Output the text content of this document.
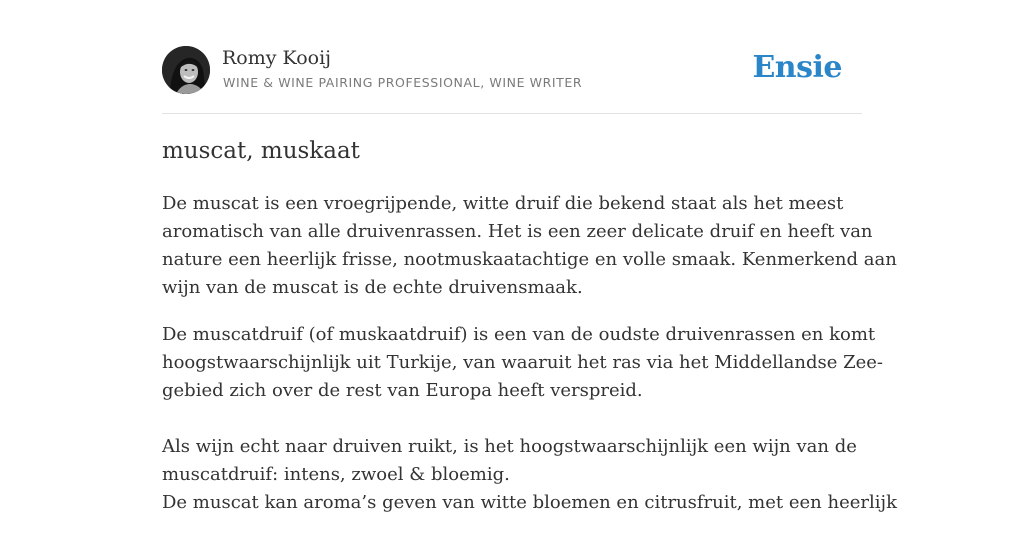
Romy Kooij
WINE & WINE PAIRING PROFESSIONAL, WINE WRITER	Ensie
muscat, muskaat

De muscat is een vroegrijpende, witte druif die bekend staat als het meest
aromatisch van alle druivenrassen. Het is een zeer delicate druif en heeft van
nature een heerlijk frisse, nootmuskaatachtige en volle smaak. Kenmerkend aan
wijn van de muscat is de echte druivensmaak.

De muscatdruif (of muskaatdruif) is een van de oudste druivenrassen en komt
hoogstwaarschijnlijk uit Turkije, van waaruit het ras via het Middellandse Zee-
gebied zich over de rest van Europa heeft verspreid.

Als wijn echt naar druiven ruikt, is het hoogstwaarschijnlijk een wijn van de
muscatdruif: intens, zwoel & bloemig.
De muscat kan aroma’s geven van witte bloemen en citrusfruit, met een heerlijk
